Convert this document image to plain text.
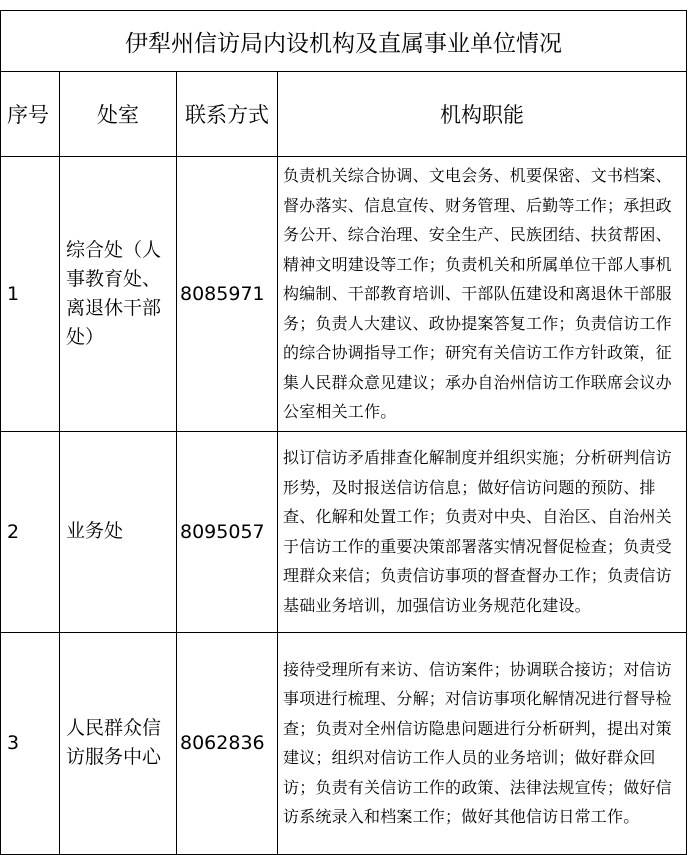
伊犁州信访局内设机构及直属事业单位情况			
序号	处室	联系方式	机构职能
1	综合处（人事教育处、离退休干部处）	8085971	负责机关综合协调、文电会务、机要保密、文书档案、督办落实、信息宣传、财务管理、后勤等工作；承担政务公开、综合治理、安全生产、民族团结、扶贫帮困、精神文明建设等工作；负责机关和所属单位干部人事机构编制、干部教育培训、干部队伍建设和离退休干部服务；负责人大建议、政协提案答复工作；负责信访工作的综合协调指导工作；研究有关信访工作方针政策，征集人民群众意见建议；承办自治州信访工作联席会议办公室相关工作。
2	业务处	8095057	拟订信访矛盾排查化解制度并组织实施；分析研判信访形势，及时报送信访信息；做好信访问题的预防、排查、化解和处置工作；负责对中央、自治区、自治州关于信访工作的重要决策部署落实情况督促检查；负责受理群众来信；负责信访事项的督查督办工作；负责信访基础业务培训，加强信访业务规范化建设。
3	人民群众信访服务中心	8062836	接待受理所有来访、信访案件；协调联合接访；对信访事项进行梳理、分解；对信访事项化解情况进行督导检查；负责对全州信访隐患问题进行分析研判，提出对策建议；组织对信访工作人员的业务培训；做好群众回访；负责有关信访工作的政策、法律法规宣传；做好信访系统录入和档案工作；做好其他信访日常工作。
